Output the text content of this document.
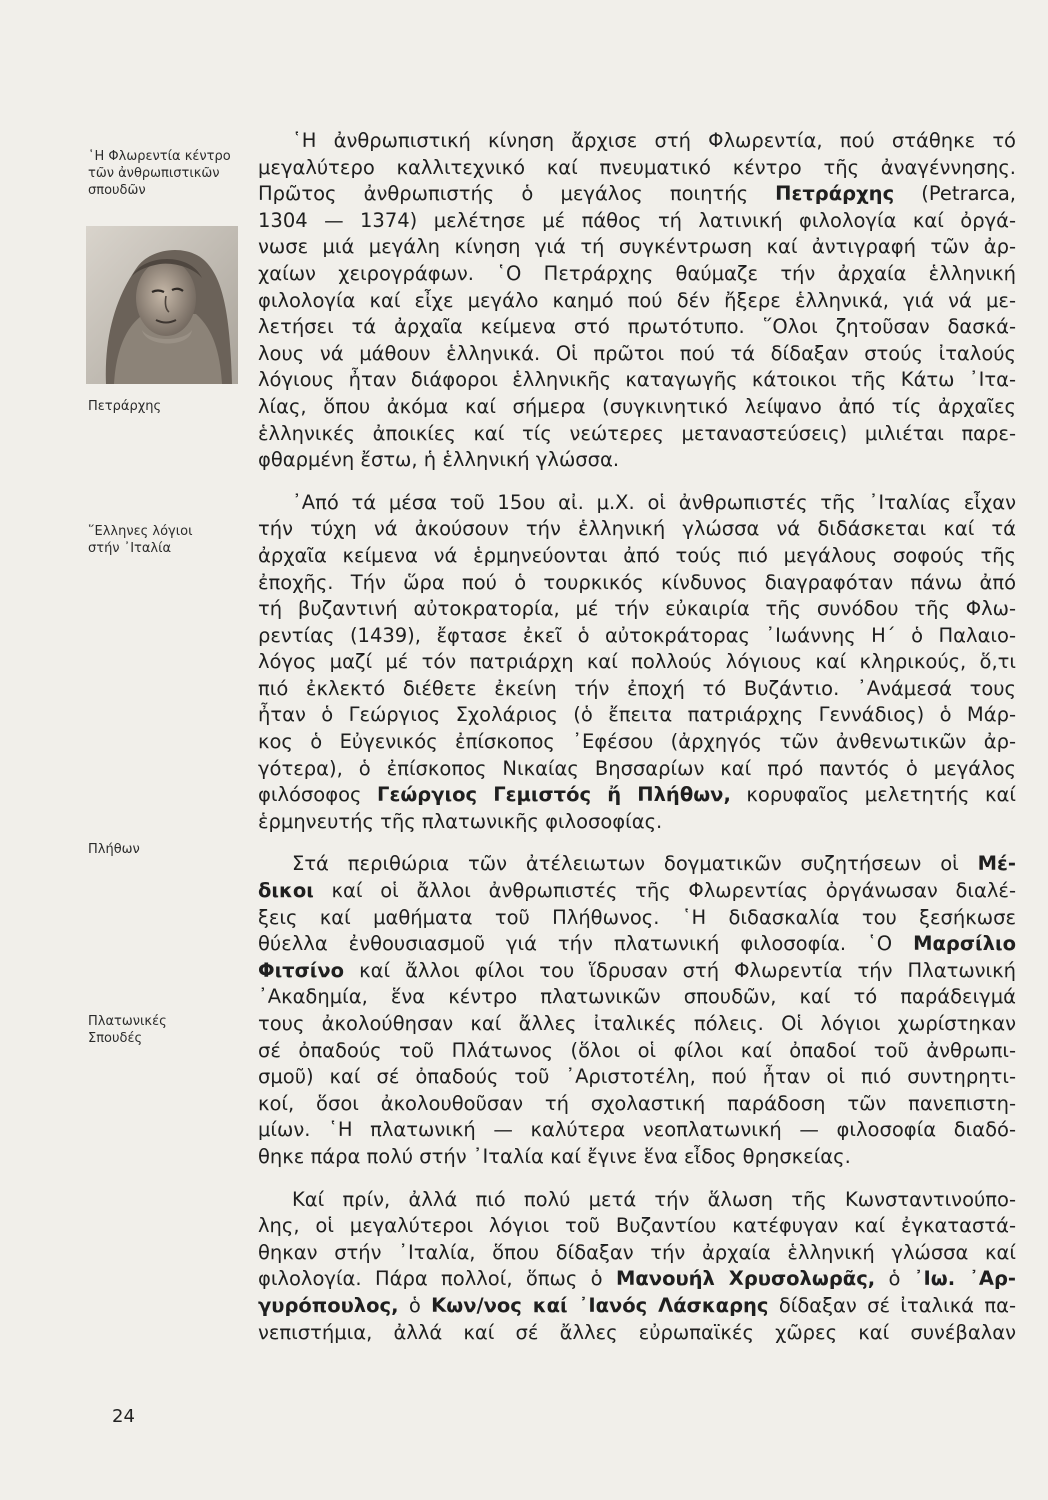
῾Η Φλωρεντία κέντρο
τῶν ἀνθρωπιστικῶν
σπουδῶν
Πετράρχης
῞Ελληνες λόγιοι
στήν ᾿Ιταλία
Πλήθων
Πλατωνικές
Σπουδές
24
῾Η ἀνθρωπιστική κίνηση ἄρχισε στή Φλωρεντία, πού στάθηκε τό
μεγαλύτερο καλλιτεχνικό καί πνευματικό κέντρο τῆς ἀναγέννησης.
Πρῶτος ἀνθρωπιστής ὁ μεγάλος ποιητής Πετράρχης (Petrarca,
1304 — 1374) μελέτησε μέ πάθος τή λατινική φιλολογία καί ὀργά-
νωσε μιά μεγάλη κίνηση γιά τή συγκέντρωση καί ἀντιγραφή τῶν ἀρ-
χαίων χειρογράφων. ῾Ο Πετράρχης θαύμαζε τήν ἀρχαία ἑλληνική
φιλολογία καί εἶχε μεγάλο καημό πού δέν ἤξερε ἑλληνικά, γιά νά με-
λετήσει τά ἀρχαῖα κείμενα στό πρωτότυπο. ῞Ολοι ζητοῦσαν δασκά-
λους νά μάθουν ἑλληνικά. Οἱ πρῶτοι πού τά δίδαξαν στούς ἰταλούς
λόγιους ἦταν διάφοροι ἑλληνικῆς καταγωγῆς κάτοικοι τῆς Κάτω ᾿Ιτα-
λίας, ὅπου ἀκόμα καί σήμερα (συγκινητικό λείψανο ἀπό τίς ἀρχαῖες
ἑλληνικές ἀποικίες καί τίς νεώτερες μεταναστεύσεις) μιλιέται παρε-
φθαρμένη ἔστω, ἡ ἑλληνική γλώσσα.
᾿Από τά μέσα τοῦ 15ου αἰ. μ.Χ. οἱ ἀνθρωπιστές τῆς ᾿Ιταλίας εἶχαν
τήν τύχη νά ἀκούσουν τήν ἑλληνική γλώσσα νά διδάσκεται καί τά
ἀρχαῖα κείμενα νά ἑρμηνεύονται ἀπό τούς πιό μεγάλους σοφούς τῆς
ἐποχῆς. Τήν ὥρα πού ὁ τουρκικός κίνδυνος διαγραφόταν πάνω ἀπό
τή βυζαντινή αὐτοκρατορία, μέ τήν εὐκαιρία τῆς συνόδου τῆς Φλω-
ρεντίας (1439), ἔφτασε ἐκεῖ ὁ αὐτοκράτορας ᾿Ιωάννης Η΄ ὁ Παλαιο-
λόγος μαζί μέ τόν πατριάρχη καί πολλούς λόγιους καί κληρικούς, ὅ,τι
πιό ἐκλεκτό διέθετε ἐκείνη τήν ἐποχή τό Βυζάντιο. ᾿Ανάμεσά τους
ἦταν ὁ Γεώργιος Σχολάριος (ὁ ἔπειτα πατριάρχης Γεννάδιος) ὁ Μάρ-
κος ὁ Εὐγενικός ἐπίσκοπος ᾿Εφέσου (ἀρχηγός τῶν ἀνθενωτικῶν ἀρ-
γότερα), ὁ ἐπίσκοπος Νικαίας Βησσαρίων καί πρό παντός ὁ μεγάλος
φιλόσοφος Γεώργιος Γεμιστός ἤ Πλήθων, κορυφαῖος μελετητής καί
ἑρμηνευτής τῆς πλατωνικῆς φιλοσοφίας.
Στά περιθώρια τῶν ἀτέλειωτων δογματικῶν συζητήσεων οἱ Μέ-
δικοι καί οἱ ἄλλοι ἀνθρωπιστές τῆς Φλωρεντίας ὀργάνωσαν διαλέ-
ξεις καί μαθήματα τοῦ Πλήθωνος. ῾Η διδασκαλία του ξεσήκωσε
θύελλα ἐνθουσιασμοῦ γιά τήν πλατωνική φιλοσοφία. ῾Ο Μαρσίλιο
Φιτσίνο καί ἄλλοι φίλοι του ἵδρυσαν στή Φλωρεντία τήν Πλατωνική
᾿Ακαδημία, ἕνα κέντρο πλατωνικῶν σπουδῶν, καί τό παράδειγμά
τους ἀκολούθησαν καί ἄλλες ἰταλικές πόλεις. Οἱ λόγιοι χωρίστηκαν
σέ ὀπαδούς τοῦ Πλάτωνος (ὅλοι οἱ φίλοι καί ὀπαδοί τοῦ ἀνθρωπι-
σμοῦ) καί σέ ὀπαδούς τοῦ ᾿Αριστοτέλη, πού ἦταν οἱ πιό συντηρητι-
κοί, ὅσοι ἀκολουθοῦσαν τή σχολαστική παράδοση τῶν πανεπιστη-
μίων. ῾Η πλατωνική — καλύτερα νεοπλατωνική — φιλοσοφία διαδό-
θηκε πάρα πολύ στήν ᾿Ιταλία καί ἔγινε ἕνα εἶδος θρησκείας.
Καί πρίν, ἀλλά πιό πολύ μετά τήν ἅλωση τῆς Κωνσταντινούπο-
λης, οἱ μεγαλύτεροι λόγιοι τοῦ Βυζαντίου κατέφυγαν καί ἐγκαταστά-
θηκαν στήν ᾿Ιταλία, ὅπου δίδαξαν τήν ἀρχαία ἑλληνική γλώσσα καί
φιλολογία. Πάρα πολλοί, ὅπως ὁ Μανουήλ Χρυσολωρᾶς, ὁ ᾿Ιω. ᾿Αρ-
γυρόπουλος, ὁ Κων/νος καί ᾿Ιανός Λάσκαρης δίδαξαν σέ ἰταλικά πα-
νεπιστήμια, ἀλλά καί σέ ἄλλες εὐρωπαϊκές χῶρες καί συνέβαλαν
